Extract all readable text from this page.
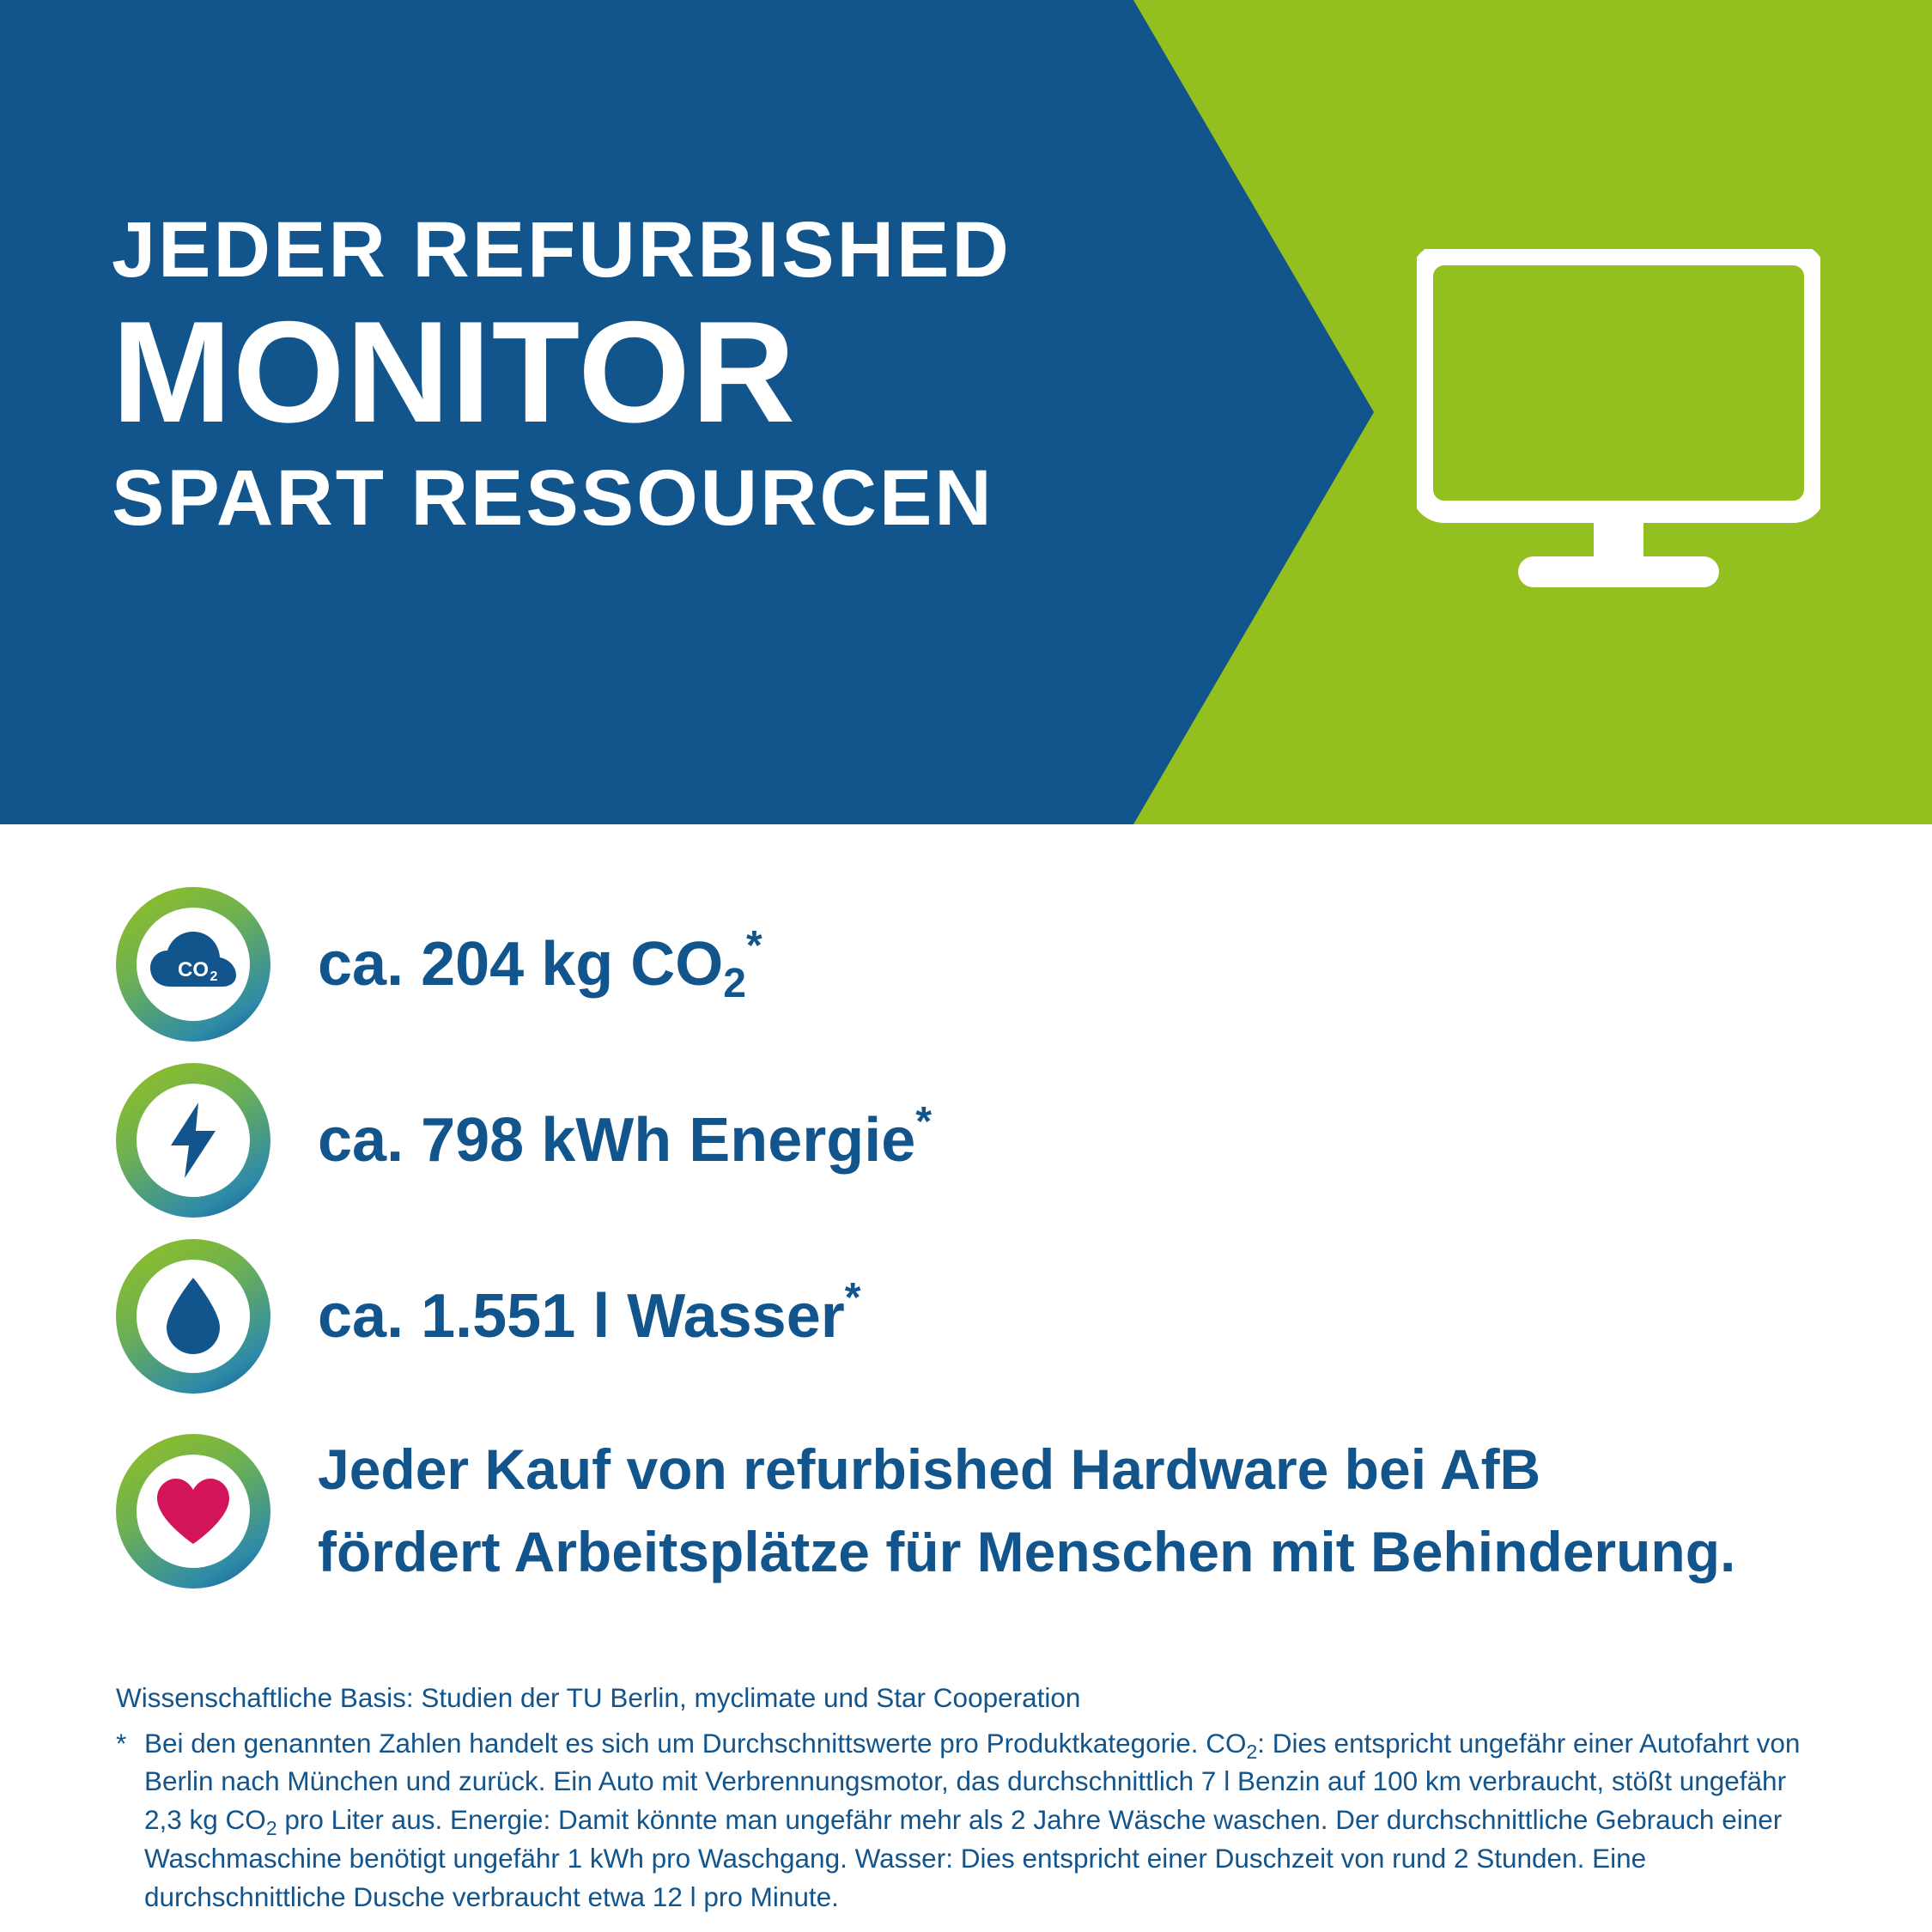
JEDER REFURBISHED
MONITOR
SPART RESSOURCEN
CO 2 ca. 204 kg $CO_2^*$
ca. 798 kWh Energie*
ca. 1.551 l Wasser*
Jeder Kauf von refurbished Hardware bei AfB
fördert Arbeitsplätze für Menschen mit Behinderung.
Wissenschaftliche Basis: Studien der TU Berlin, myclimate und Star Cooperation
* Bei den genannten Zahlen handelt es sich um Durchschnittswerte pro Produktkategorie. $CO_2$: Dies entspricht ungefähr einer Autofahrt von Berlin nach München und zurück. Ein Auto mit Verbrennungsmotor, das durchschnittlich 7 l Benzin auf 100 km verbraucht, stößt ungefähr 2,3 kg $CO_2$ pro Liter aus. Energie: Damit könnte man ungefähr mehr als 2 Jahre Wäsche waschen. Der durchschnittliche Gebrauch einer Waschmaschine benötigt ungefähr 1 kWh pro Waschgang. Wasser: Dies entspricht einer Duschzeit von rund 2 Stunden. Eine durchschnittliche Dusche verbraucht etwa 12 l pro Minute.
